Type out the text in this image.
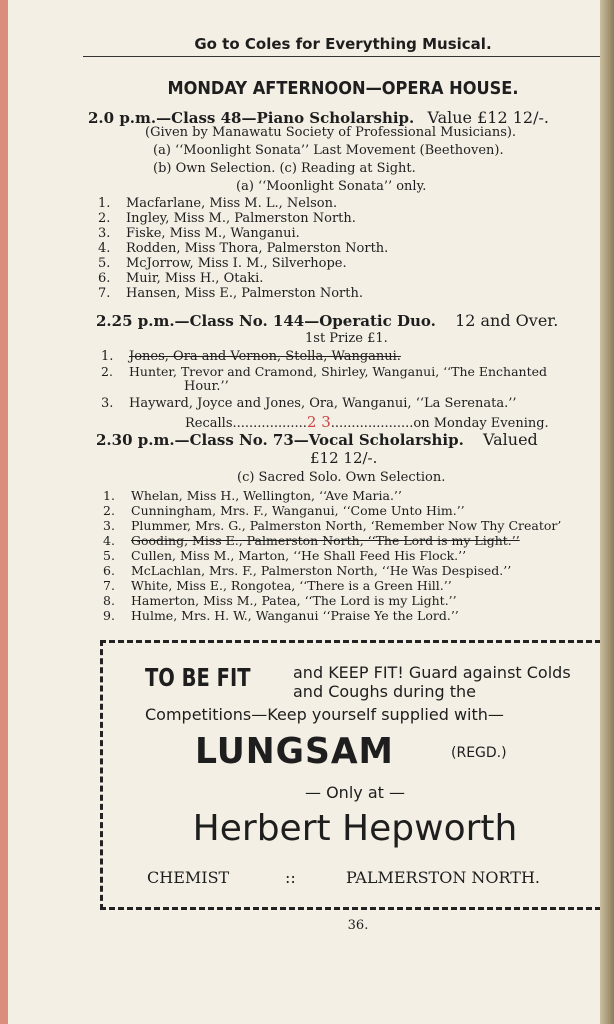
Go to Coles for Everything Musical.
MONDAY AFTERNOON—OPERA HOUSE.
2.0 p.m.—Class 48—Piano Scholarship. Value £12 12/-.
(Given by Manawatu Society of Professional Musicians).
(a) ‘‘Moonlight Sonata’’ Last Movement (Beethoven).
(b) Own Selection. (c) Reading at Sight.
(a) ‘‘Moonlight Sonata’’ only.
1. Macfarlane, Miss M. L., Nelson.
2. Ingley, Miss M., Palmerston North.
3. Fiske, Miss M., Wanganui.
4. Rodden, Miss Thora, Palmerston North.
5. McJorrow, Miss I. M., Silverhope.
6. Muir, Miss H., Otaki.
7. Hansen, Miss E., Palmerston North.
2.25 p.m.—Class No. 144—Operatic Duo. 12 and Over.
1st Prize £1.
1. Jones, Ora and Vernon, Stella, Wanganui.
2. Hunter, Trevor and Cramond, Shirley, Wanganui, ‘‘The Enchanted
Hour.’’
3. Hayward, Joyce and Jones, Ora, Wanganui, ‘‘La Serenata.’’
Recalls..................2 3....................on Monday Evening.
2.30 p.m.—Class No. 73—Vocal Scholarship. Valued
£12 12/-.
(c) Sacred Solo. Own Selection.
1. Whelan, Miss H., Wellington, ‘‘Ave Maria.’’
2. Cunningham, Mrs. F., Wanganui, ‘‘Come Unto Him.’’
3. Plummer, Mrs. G., Palmerston North, ‘Remember Now Thy Creator’
4. Gooding, Miss E., Palmerston North, ‘‘The Lord is my Light.’’
5. Cullen, Miss M., Marton, ‘‘He Shall Feed His Flock.’’
6. McLachlan, Mrs. F., Palmerston North, ‘‘He Was Despised.’’
7. White, Miss E., Rongotea, ‘‘There is a Green Hill.’’
8. Hamerton, Miss M., Patea, ‘‘The Lord is my Light.’’
9. Hulme, Mrs. H. W., Wanganui ‘‘Praise Ye the Lord.’’
TO BE FIT	and KEEP FIT! Guard against Colds and Coughs during the
Competitions—Keep yourself supplied with—
LUNGSAM	(REGD.)
— Only at —
Herbert Hepworth
CHEMIST	::	PALMERSTON NORTH.
36.
